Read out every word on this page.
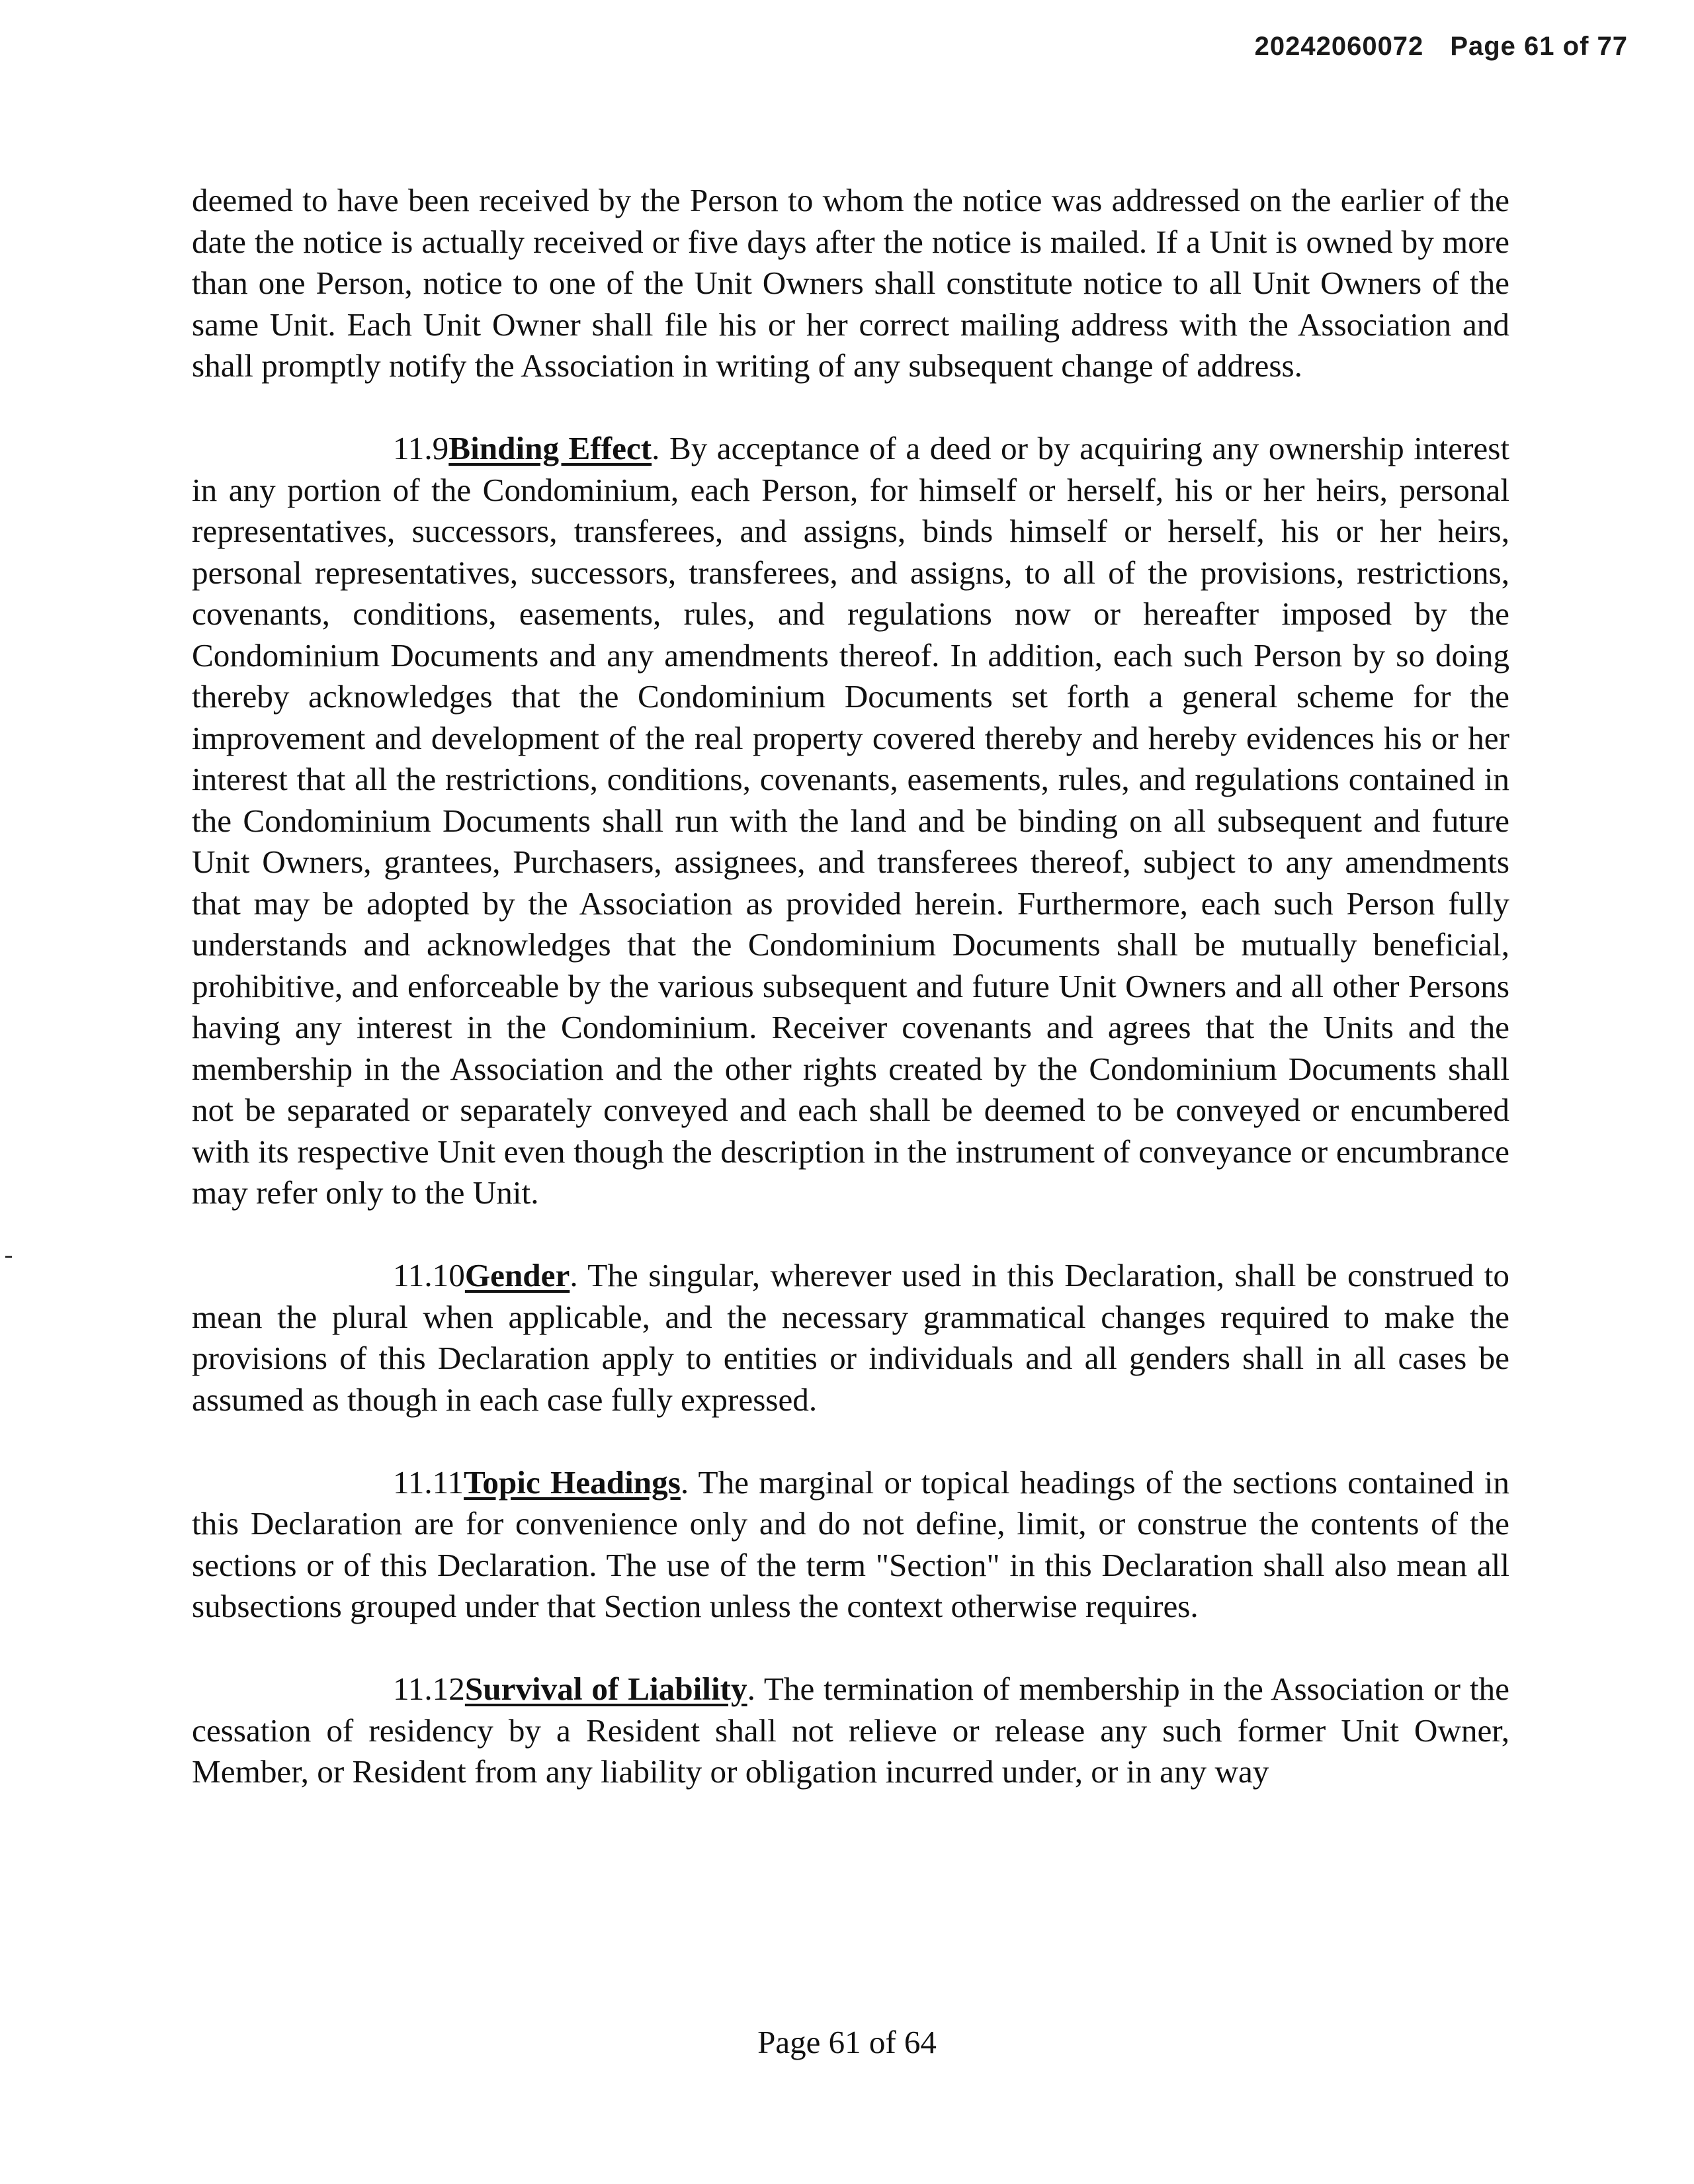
20242060072 Page 61 of 77

deemed to have been received by the Person to whom the notice was addressed on the earlier of the date the notice is actually received or five days after the notice is mailed. If a Unit is owned by more than one Person, notice to one of the Unit Owners shall constitute notice to all Unit Owners of the same Unit. Each Unit Owner shall file his or her correct mailing address with the Association and shall promptly notify the Association in writing of any subsequent change of address.

11.9Binding Effect. By acceptance of a deed or by acquiring any ownership interest in any portion of the Condominium, each Person, for himself or herself, his or her heirs, personal representatives, successors, transferees, and assigns, binds himself or herself, his or her heirs, personal representatives, successors, transferees, and assigns, to all of the provisions, restrictions, covenants, conditions, easements, rules, and regulations now or hereafter imposed by the Condominium Documents and any amendments thereof. In addition, each such Person by so doing thereby acknowledges that the Condominium Documents set forth a general scheme for the improvement and development of the real property covered thereby and hereby evidences his or her interest that all the restrictions, conditions, covenants, easements, rules, and regulations contained in the Condominium Documents shall run with the land and be binding on all subsequent and future Unit Owners, grantees, Purchasers, assignees, and transferees thereof, subject to any amendments that may be adopted by the Association as provided herein. Furthermore, each such Person fully understands and acknowledges that the Condominium Documents shall be mutually beneficial, prohibitive, and enforceable by the various subsequent and future Unit Owners and all other Persons having any interest in the Condominium. Receiver covenants and agrees that the Units and the membership in the Association and the other rights created by the Condominium Documents shall not be separated or separately conveyed and each shall be deemed to be conveyed or encumbered with its respective Unit even though the description in the instrument of conveyance or encumbrance may refer only to the Unit.

11.10Gender. The singular, wherever used in this Declaration, shall be construed to mean the plural when applicable, and the necessary grammatical changes required to make the provisions of this Declaration apply to entities or individuals and all genders shall in all cases be assumed as though in each case fully expressed.

11.11Topic Headings. The marginal or topical headings of the sections contained in this Declaration are for convenience only and do not define, limit, or construe the contents of the sections or of this Declaration. The use of the term "Section" in this Declaration shall also mean all subsections grouped under that Section unless the context otherwise requires.

11.12Survival of Liability. The termination of membership in the Association or the cessation of residency by a Resident shall not relieve or release any such former Unit Owner, Member, or Resident from any liability or obligation incurred under, or in any way

Page 61 of 64
